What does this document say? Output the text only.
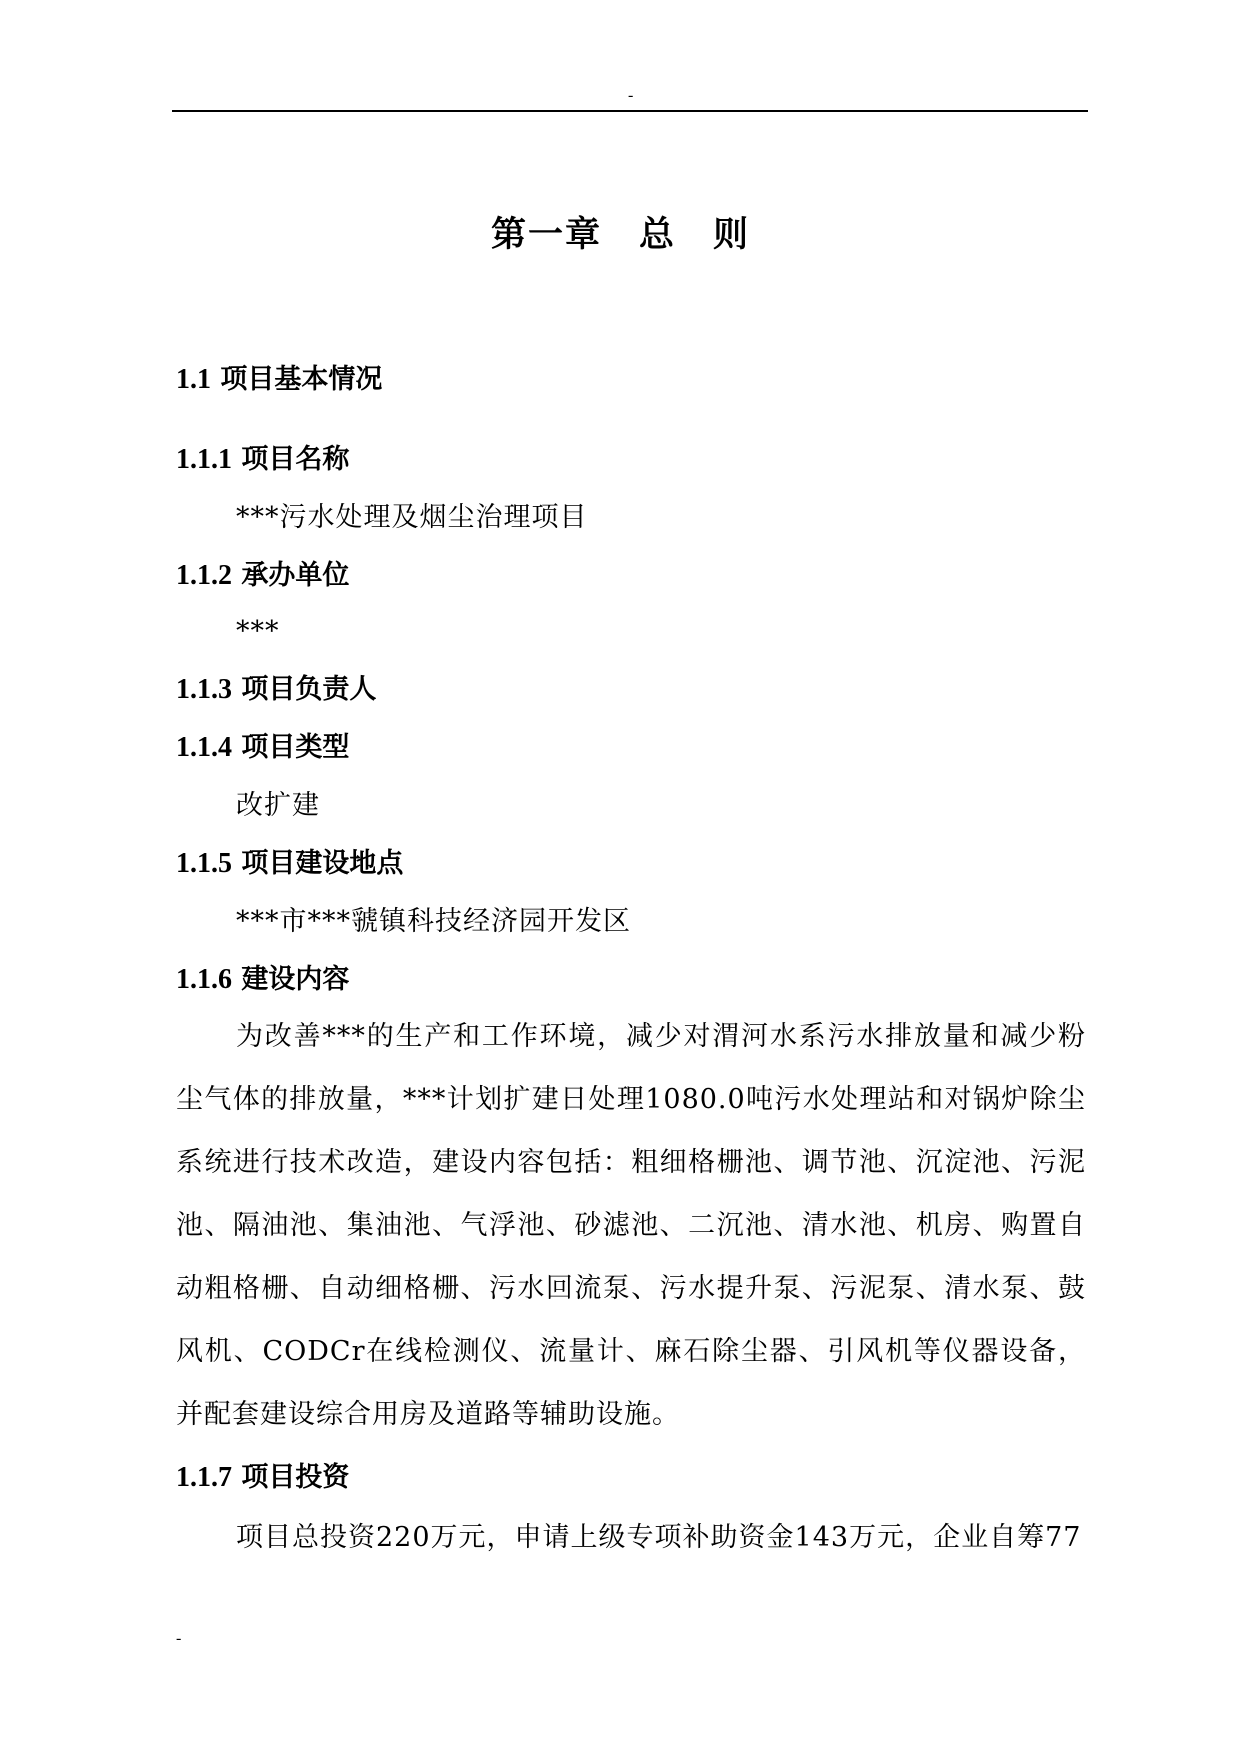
-
第一章　总　则
1.1 项目基本情况
1.1.1 项目名称
***污水处理及烟尘治理项目
1.1.2 承办单位
***
1.1.3 项目负责人
1.1.4 项目类型
改扩建
1.1.5 项目建设地点
***市***虢镇科技经济园开发区
1.1.6 建设内容
为改善***的生产和工作环境，减少对渭河水系污水排放量和减少粉尘气体的排放量，***计划扩建日处理1080.0吨污水处理站和对锅炉除尘系统进行技术改造，建设内容包括：粗细格栅池、调节池、沉淀池、污泥池、隔油池、集油池、气浮池、砂滤池、二沉池、清水池、机房、购置自动粗格栅、自动细格栅、污水回流泵、污水提升泵、污泥泵、清水泵、鼓风机、CODCr在线检测仪、流量计、麻石除尘器、引风机等仪器设备，并配套建设综合用房及道路等辅助设施。
1.1.7 项目投资
项目总投资220万元，申请上级专项补助资金143万元，企业自筹77
-
